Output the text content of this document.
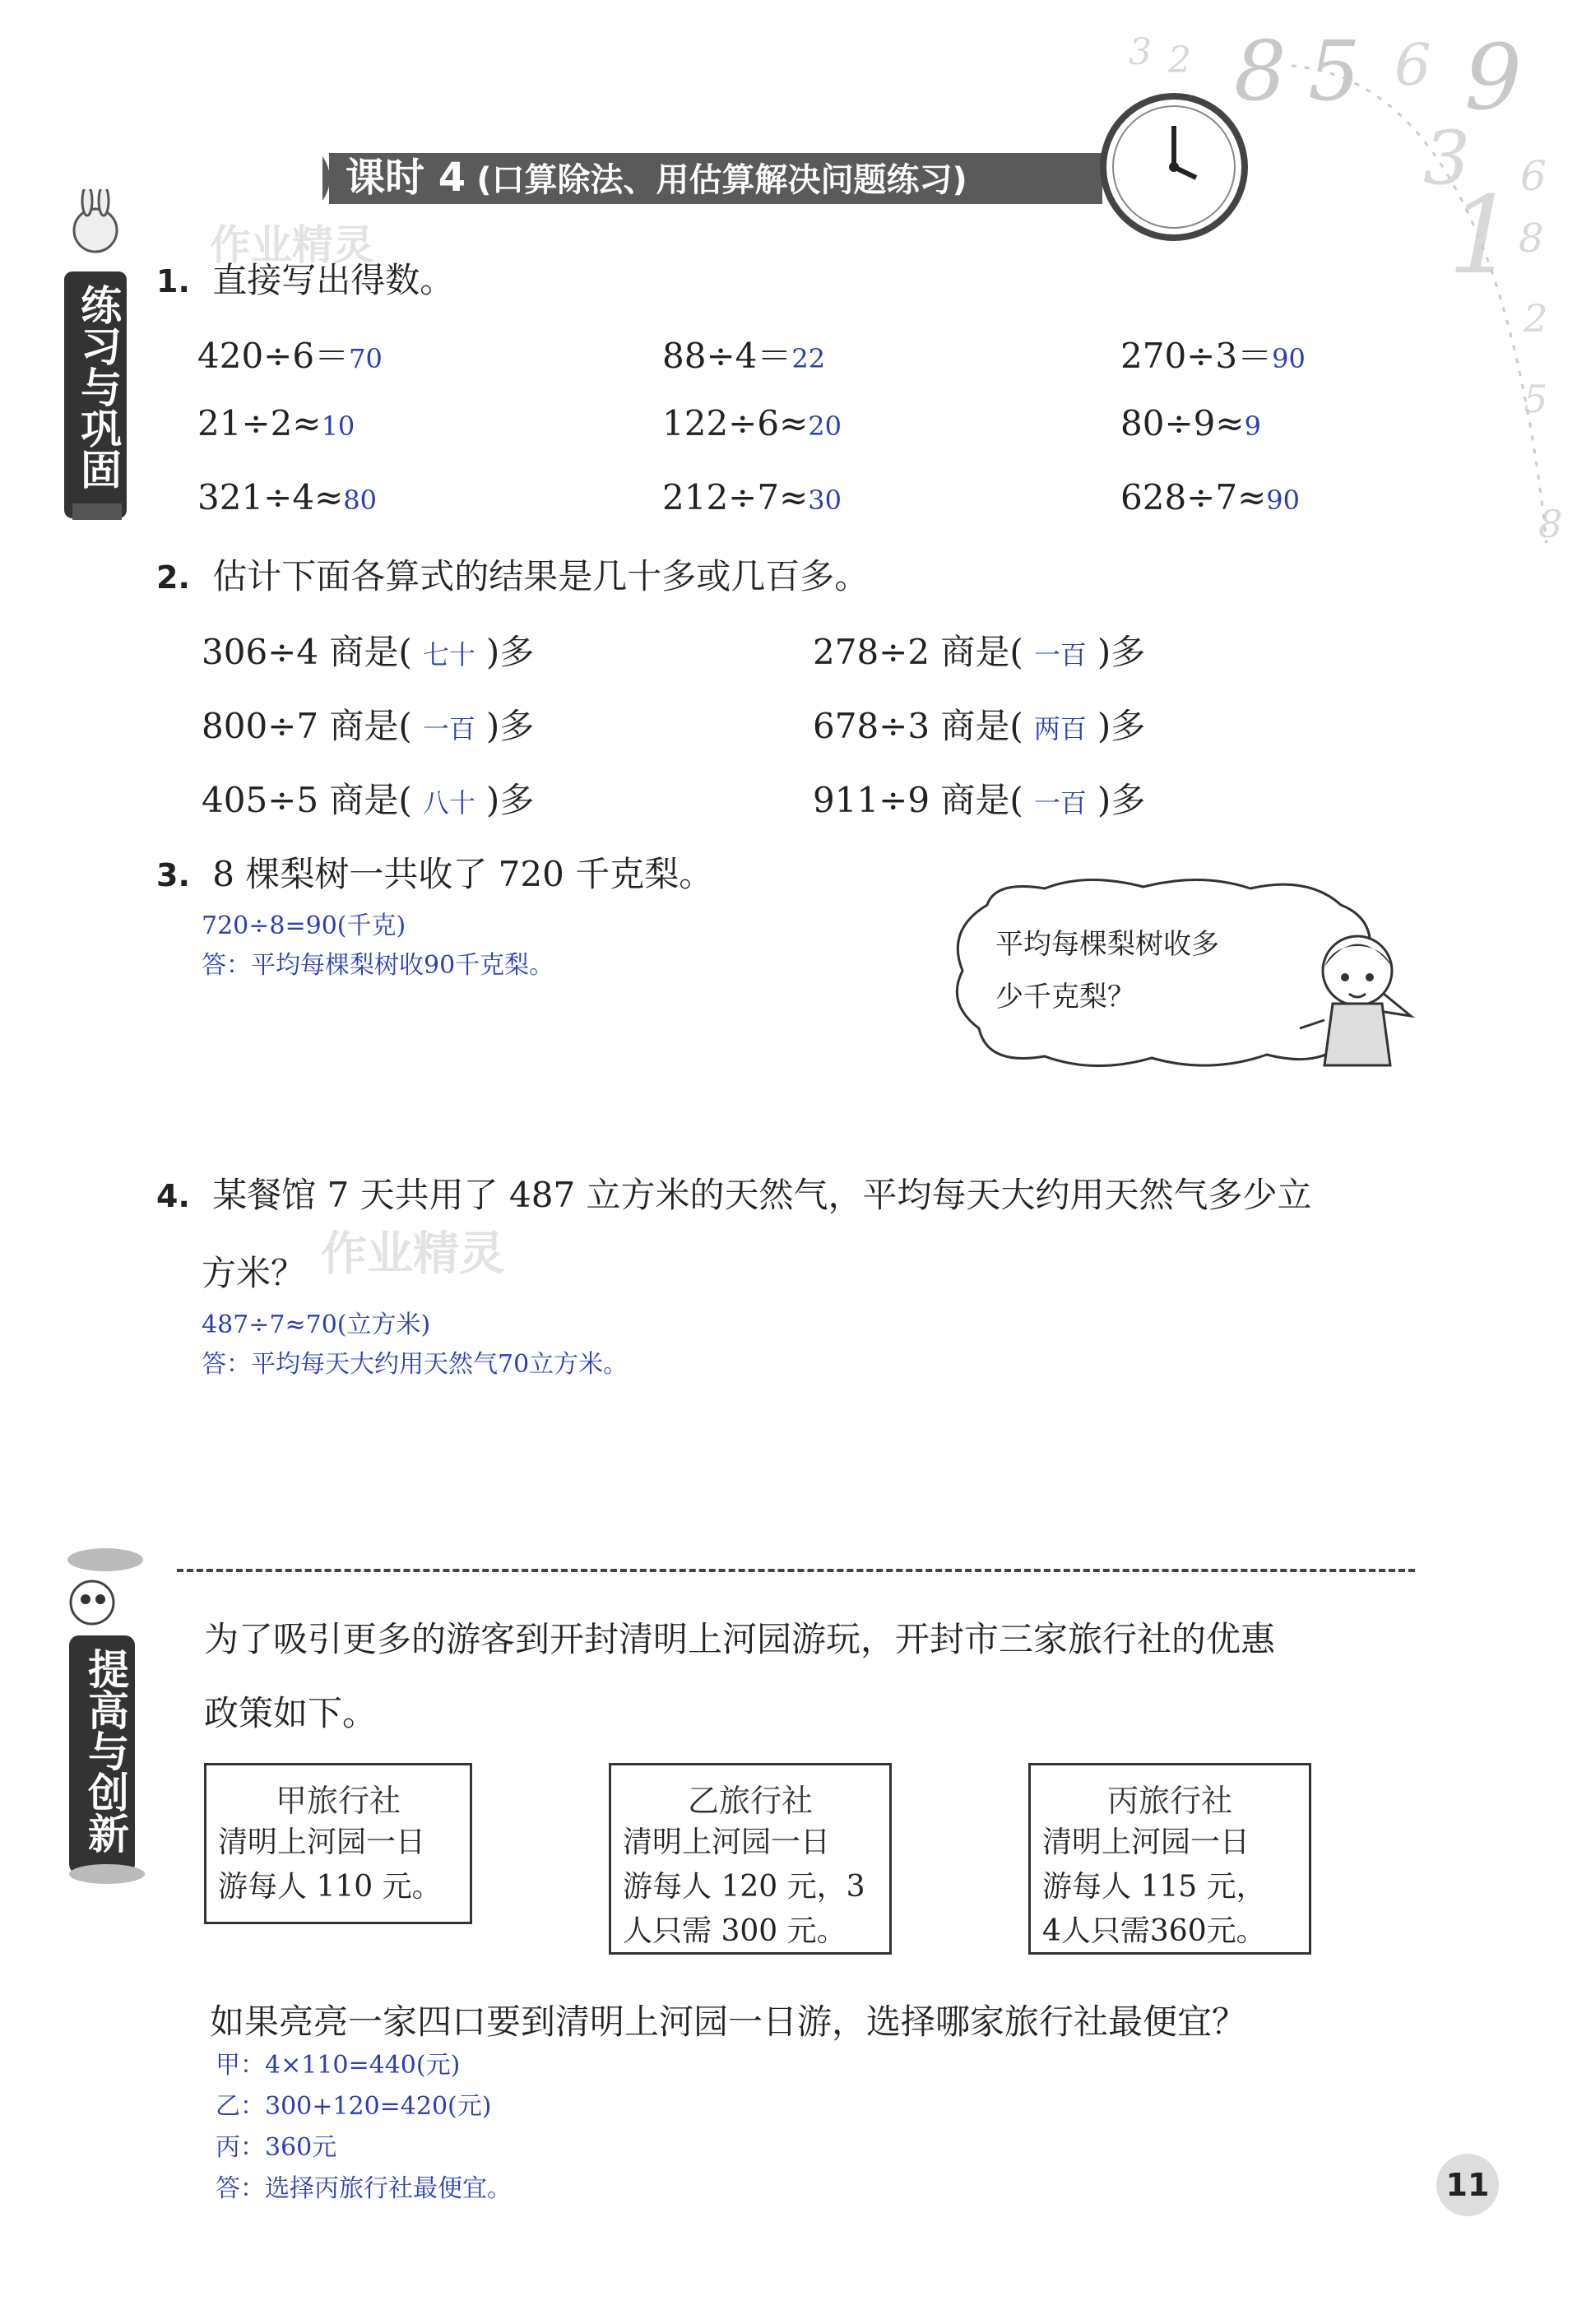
3 2 8 5 6 9
3 6
1 8
2
5
8
课时 4 (口算除法、用估算解决问题练习)
练习与巩固
作业精灵
作业精灵
1. 直接写出得数。
420÷6＝70	88÷4＝22	270÷3＝90
21÷2≈10	122÷6≈20	80÷9≈9
321÷4≈80	212÷7≈30	628÷7≈90
2. 估计下面各算式的结果是几十多或几百多。
306÷4 商是( 七十 )多	278÷2 商是( 一百 )多
800÷7 商是( 一百 )多	678÷3 商是( 两百 )多
405÷5 商是( 八十 )多	911÷9 商是( 一百 )多
3. 8 棵梨树一共收了 720 千克梨。
720÷8=90(千克)
答：平均每棵梨树收90千克梨。
平均每棵梨树收多
少千克梨？
4. 某餐馆 7 天共用了 487 立方米的天然气，平均每天大约用天然气多少立
方米？
487÷7≈70(立方米)
答：平均每天大约用天然气70立方米。
提高与创新
为了吸引更多的游客到开封清明上河园游玩，开封市三家旅行社的优惠
政策如下。
甲旅行社
清明上河园一日
游每人 110 元。
乙旅行社
清明上河园一日
游每人 120 元，3
人只需 300 元。
丙旅行社
清明上河园一日
游每人 115 元，
4人只需360元。
如果亮亮一家四口要到清明上河园一日游，选择哪家旅行社最便宜？
甲：4×110=440(元)
乙：300+120=420(元)
丙：360元
答：选择丙旅行社最便宜。	11
